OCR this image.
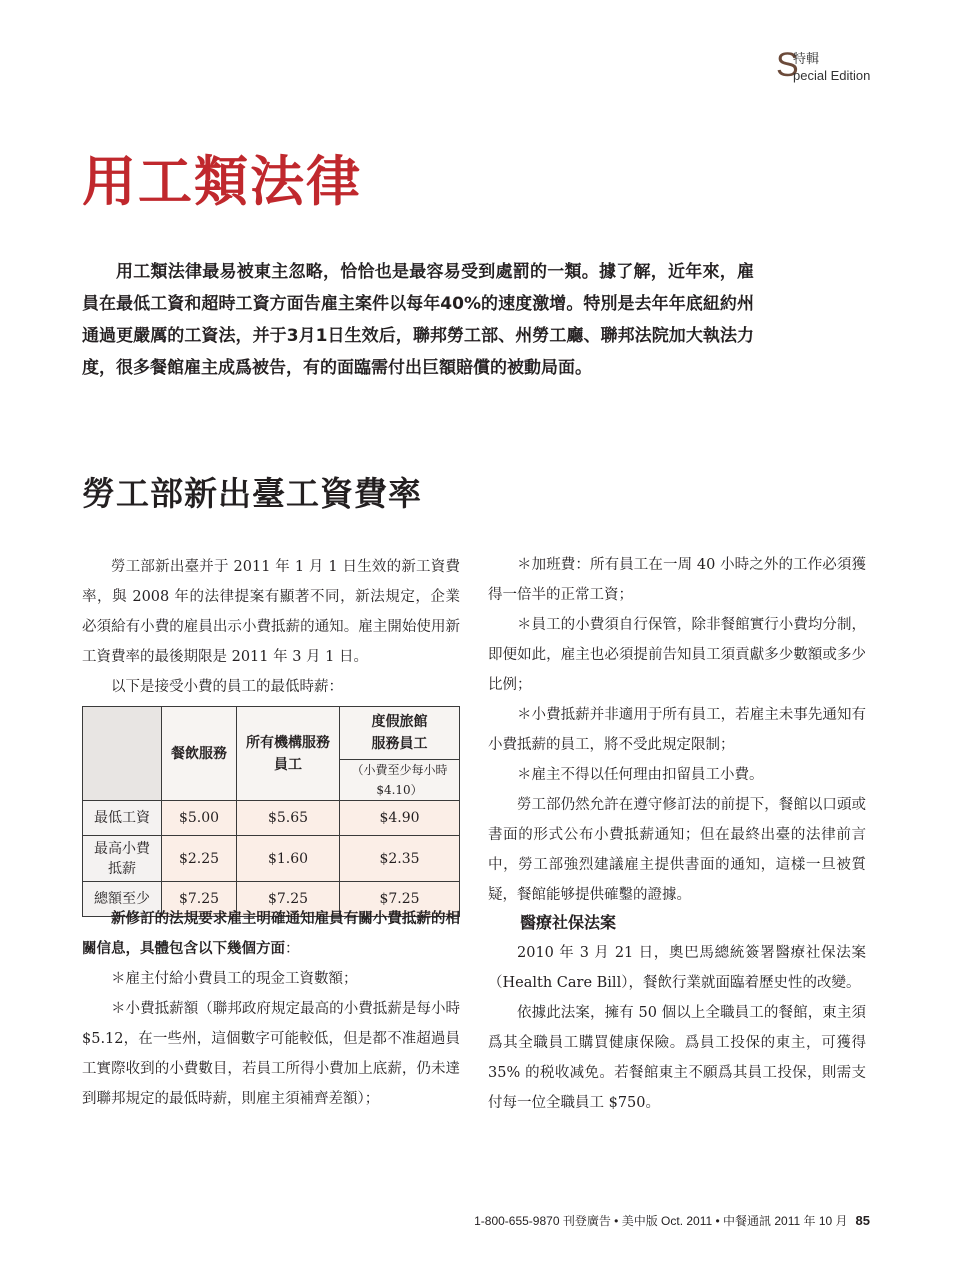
S
特輯
pecial Edition
用工類法律

用工類法律最易被東主忽略，恰恰也是最容易受到處罰的一類。據了解，近年來，雇員在最低工資和超時工資方面告雇主案件以每年40%的速度激增。特別是去年年底紐約州通過更嚴厲的工資法，并于3月1日生效后，聯邦勞工部、州勞工廳、聯邦法院加大執法力度，很多餐館雇主成爲被告，有的面臨需付出巨額賠償的被動局面。

勞工部新出臺工資費率

勞工部新出臺并于 2011 年 1 月 1 日生效的新工資費率，與 2008 年的法律提案有顯著不同，新法規定，企業必須給有小費的雇員出示小費抵薪的通知。雇主開始使用新工資費率的最後期限是 2011 年 3 月 1 日。

以下是接受小費的員工的最低時薪：

	餐飲服務	所有機構服務員工	度假旅館服務員工
（小費至少每小時 $4.10）

最低工資	$5.00	$5.65	$4.90
最高小費抵薪	$2.25	$1.60	$2.35
總額至少	$7.25	$7.25	$7.25

新修訂的法規要求雇主明確通知雇員有關小費抵薪的相關信息，具體包含以下幾個方面：

＊雇主付給小費員工的現金工資數額；

＊小費抵薪額（聯邦政府規定最高的小費抵薪是每小時 $5.12，在一些州，這個數字可能較低，但是都不准超過員工實際收到的小費數目，若員工所得小費加上底薪，仍未達到聯邦規定的最低時薪，則雇主須補齊差額）；

＊加班費：所有員工在一周 40 小時之外的工作必須獲得一倍半的正常工資；

＊員工的小費須自行保管，除非餐館實行小費均分制，即便如此，雇主也必須提前告知員工須貢獻多少數額或多少比例；

＊小費抵薪并非適用于所有員工，若雇主未事先通知有小費抵薪的員工，將不受此規定限制；

＊雇主不得以任何理由扣留員工小費。

勞工部仍然允許在遵守修訂法的前提下，餐館以口頭或書面的形式公布小費抵薪通知；但在最終出臺的法律前言中，勞工部強烈建議雇主提供書面的通知，這樣一旦被質疑，餐館能够提供確鑿的證據。

醫療社保法案

2010 年 3 月 21 日，奧巴馬總統簽署醫療社保法案（Health Care Bill），餐飲行業就面臨着歷史性的改變。

依據此法案，擁有 50 個以上全職員工的餐館，東主須爲其全職員工購買健康保險。爲員工投保的東主，可獲得 35% 的税收减免。若餐館東主不願爲其員工投保，則需支付每一位全職員工 $750。

1-800-655-9870 刊登廣告 • 美中版 Oct. 2011 • 中餐通訊 2011 年 10 月 85
